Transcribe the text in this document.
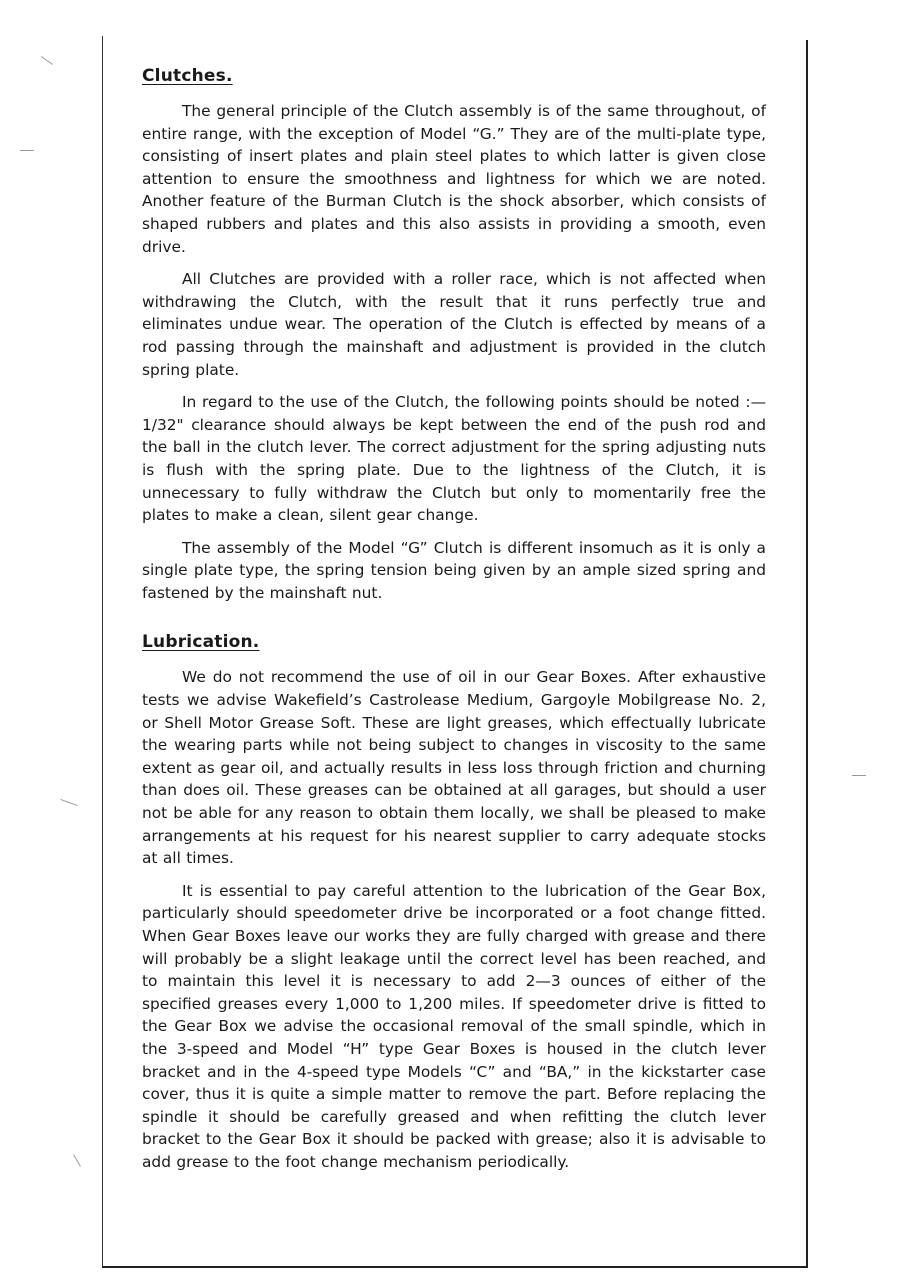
Clutches.

The general principle of the Clutch assembly is of the same throughout, of entire range, with the exception of Model “G.” They are of the multi-plate type, consisting of insert plates and plain steel plates to which latter is given close attention to ensure the smoothness and lightness for which we are noted. Another feature of the Burman Clutch is the shock absorber, which consists of shaped rubbers and plates and this also assists in providing a smooth, even drive.

All Clutches are provided with a roller race, which is not affected when withdrawing the Clutch, with the result that it runs perfectly true and eliminates undue wear. The operation of the Clutch is effected by means of a rod passing through the mainshaft and adjustment is provided in the clutch spring plate.

In regard to the use of the Clutch, the following points should be noted :—1/32" clearance should always be kept between the end of the push rod and the ball in the clutch lever. The correct adjustment for the spring adjusting nuts is flush with the spring plate. Due to the lightness of the Clutch, it is unnecessary to fully withdraw the Clutch but only to momentarily free the plates to make a clean, silent gear change.

The assembly of the Model “G” Clutch is different insomuch as it is only a single plate type, the spring tension being given by an ample sized spring and fastened by the mainshaft nut.

Lubrication.

We do not recommend the use of oil in our Gear Boxes. After exhaustive tests we advise Wakefield’s Castrolease Medium, Gargoyle Mobilgrease No. 2, or Shell Motor Grease Soft. These are light greases, which effectually lubricate the wearing parts while not being subject to changes in viscosity to the same extent as gear oil, and actually results in less loss through friction and churning than does oil. These greases can be obtained at all garages, but should a user not be able for any reason to obtain them locally, we shall be pleased to make arrangements at his request for his nearest supplier to carry adequate stocks at all times.

It is essential to pay careful attention to the lubrication of the Gear Box, particularly should speedometer drive be incorporated or a foot change fitted. When Gear Boxes leave our works they are fully charged with grease and there will probably be a slight leakage until the correct level has been reached, and to maintain this level it is necessary to add 2—3 ounces of either of the specified greases every 1,000 to 1,200 miles. If speedometer drive is fitted to the Gear Box we advise the occasional removal of the small spindle, which in the 3-speed and Model “H” type Gear Boxes is housed in the clutch lever bracket and in the 4-speed type Models “C” and “BA,” in the kickstarter case cover, thus it is quite a simple matter to remove the part. Before replacing the spindle it should be carefully greased and when refitting the clutch lever bracket to the Gear Box it should be packed with grease; also it is advisable to add grease to the foot change mechanism periodically.
